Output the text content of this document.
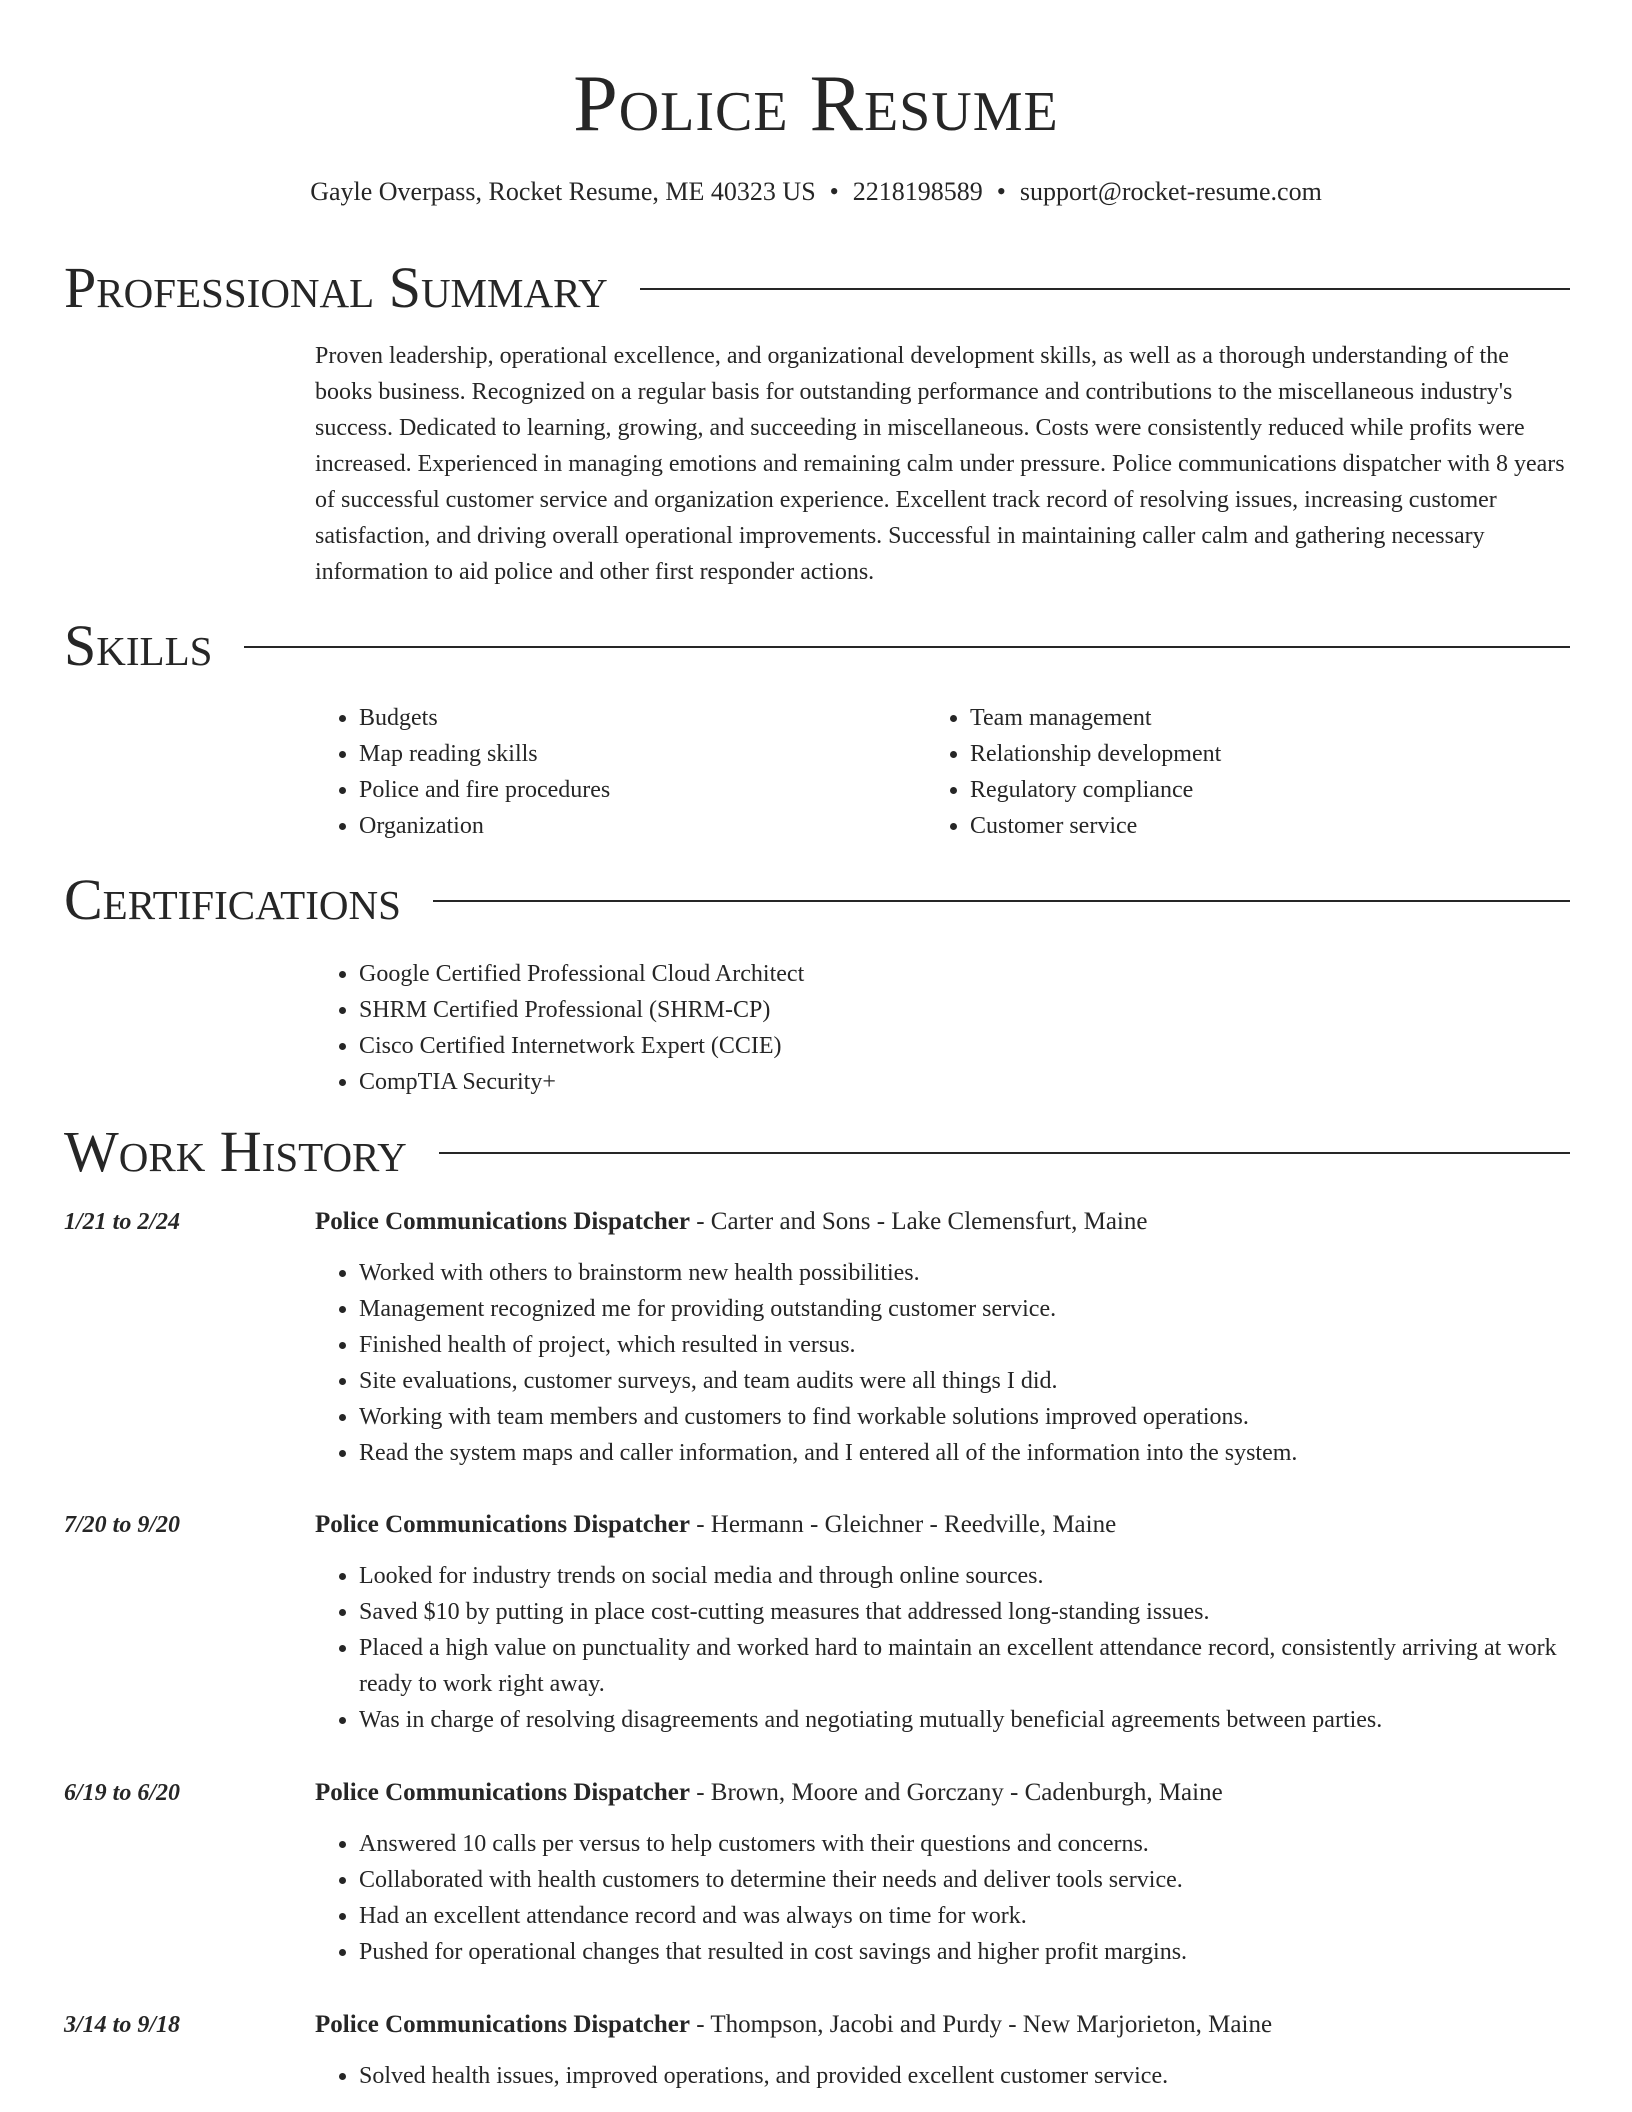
Police Resume
Gayle Overpass, Rocket Resume, ME 40323 US • 2218198589 • support@rocket-resume.com
Professional Summary
Proven leadership, operational excellence, and organizational development skills, as well as a thorough understanding of the books business. Recognized on a regular basis for outstanding performance and contributions to the miscellaneous industry's success. Dedicated to learning, growing, and succeeding in miscellaneous. Costs were consistently reduced while profits were increased. Experienced in managing emotions and remaining calm under pressure. Police communications dispatcher with 8 years of successful customer service and organization experience. Excellent track record of resolving issues, increasing customer satisfaction, and driving overall operational improvements. Successful in maintaining caller calm and gathering necessary information to aid police and other first responder actions.
Skills
• Budgets
• Map reading skills
• Police and fire procedures
• Organization
• Team management
• Relationship development
• Regulatory compliance
• Customer service
Certifications
• Google Certified Professional Cloud Architect
• SHRM Certified Professional (SHRM-CP)
• Cisco Certified Internetwork Expert (CCIE)
• CompTIA Security+
Work History
1/21 to 2/24	Police Communications Dispatcher - Carter and Sons - Lake Clemensfurt, Maine
• Worked with others to brainstorm new health possibilities.
• Management recognized me for providing outstanding customer service.
• Finished health of project, which resulted in versus.
• Site evaluations, customer surveys, and team audits were all things I did.
• Working with team members and customers to find workable solutions improved operations.
• Read the system maps and caller information, and I entered all of the information into the system.
7/20 to 9/20	Police Communications Dispatcher - Hermann - Gleichner - Reedville, Maine
• Looked for industry trends on social media and through online sources.
• Saved $10 by putting in place cost-cutting measures that addressed long-standing issues.
• Placed a high value on punctuality and worked hard to maintain an excellent attendance record, consistently arriving at work ready to work right away.
• Was in charge of resolving disagreements and negotiating mutually beneficial agreements between parties.
6/19 to 6/20	Police Communications Dispatcher - Brown, Moore and Gorczany - Cadenburgh, Maine
• Answered 10 calls per versus to help customers with their questions and concerns.
• Collaborated with health customers to determine their needs and deliver tools service.
• Had an excellent attendance record and was always on time for work.
• Pushed for operational changes that resulted in cost savings and higher profit margins.
3/14 to 9/18	Police Communications Dispatcher - Thompson, Jacobi and Purdy - New Marjorieton, Maine
• Solved health issues, improved operations, and provided excellent customer service.
